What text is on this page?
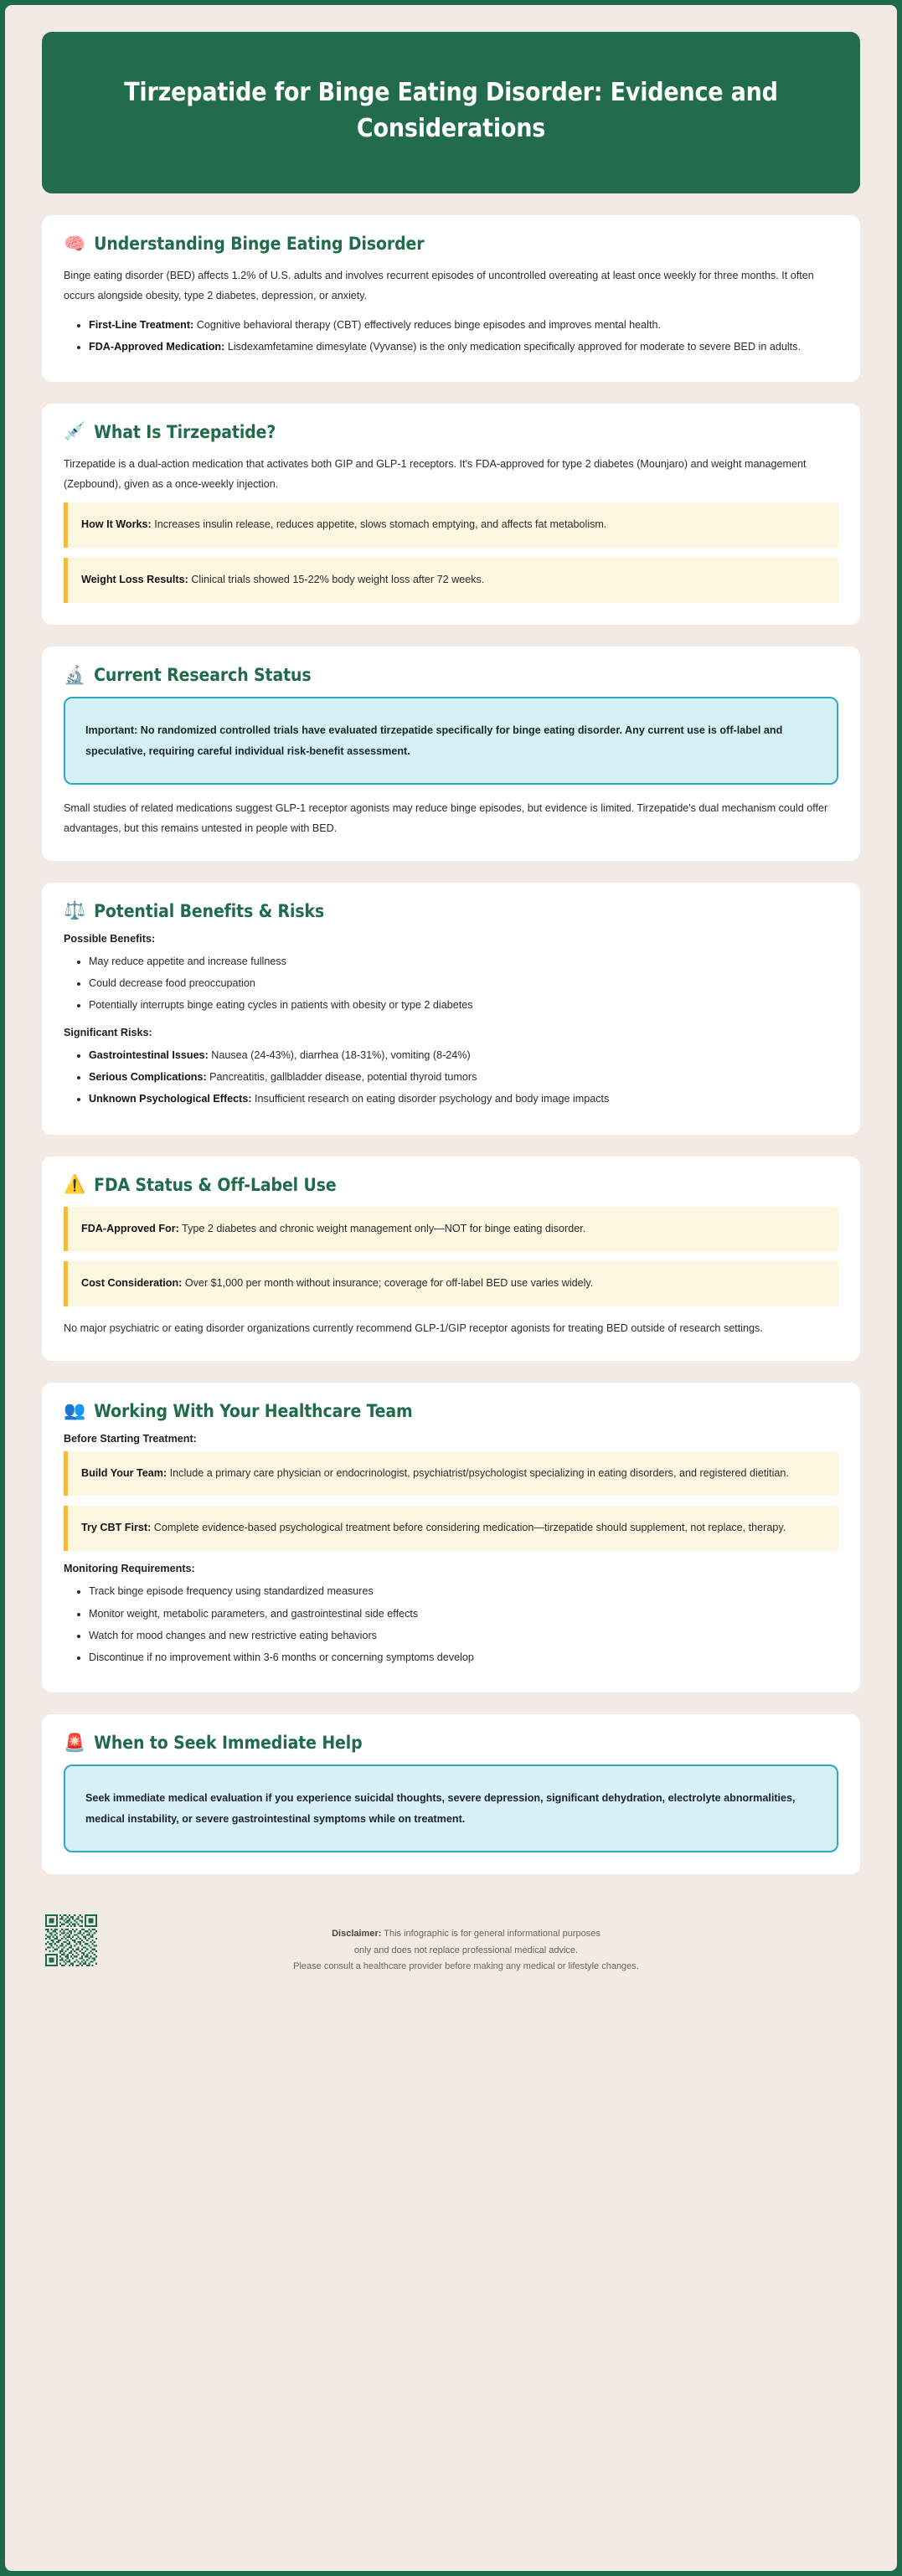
Tirzepatide for Binge Eating Disorder: Evidence and Considerations
🧠 Understanding Binge Eating Disorder

Binge eating disorder (BED) affects 1.2% of U.S. adults and involves recurrent episodes of uncontrolled overeating at least once weekly for three months. It often occurs alongside obesity, type 2 diabetes, depression, or anxiety.

• First-Line Treatment: Cognitive behavioral therapy (CBT) effectively reduces binge episodes and improves mental health.
• FDA-Approved Medication: Lisdexamfetamine dimesylate (Vyvanse) is the only medication specifically approved for moderate to severe BED in adults.
💉 What Is Tirzepatide?

Tirzepatide is a dual-action medication that activates both GIP and GLP-1 receptors. It's FDA-approved for type 2 diabetes (Mounjaro) and weight management (Zepbound), given as a once-weekly injection.

How It Works: Increases insulin release, reduces appetite, slows stomach emptying, and affects fat metabolism.
Weight Loss Results: Clinical trials showed 15-22% body weight loss after 72 weeks.
🔬 Current Research Status
Important: No randomized controlled trials have evaluated tirzepatide specifically for binge eating disorder. Any current use is off-label and speculative, requiring careful individual risk-benefit assessment.

Small studies of related medications suggest GLP-1 receptor agonists may reduce binge episodes, but evidence is limited. Tirzepatide's dual mechanism could offer advantages, but this remains untested in people with BED.

⚖️ Potential Benefits & Risks
Possible Benefits:
• May reduce appetite and increase fullness
• Could decrease food preoccupation
• Potentially interrupts binge eating cycles in patients with obesity or type 2 diabetes
Significant Risks:
• Gastrointestinal Issues: Nausea (24-43%), diarrhea (18-31%), vomiting (8-24%)
• Serious Complications: Pancreatitis, gallbladder disease, potential thyroid tumors
• Unknown Psychological Effects: Insufficient research on eating disorder psychology and body image impacts
⚠️ FDA Status & Off-Label Use
FDA-Approved For: Type 2 diabetes and chronic weight management only—NOT for binge eating disorder.
Cost Consideration: Over $1,000 per month without insurance; coverage for off-label BED use varies widely.

No major psychiatric or eating disorder organizations currently recommend GLP-1/GIP receptor agonists for treating BED outside of research settings.

👥 Working With Your Healthcare Team
Before Starting Treatment:
Build Your Team: Include a primary care physician or endocrinologist, psychiatrist/psychologist specializing in eating disorders, and registered dietitian.
Try CBT First: Complete evidence-based psychological treatment before considering medication—tirzepatide should supplement, not replace, therapy.
Monitoring Requirements:
• Track binge episode frequency using standardized measures
• Monitor weight, metabolic parameters, and gastrointestinal side effects
• Watch for mood changes and new restrictive eating behaviors
• Discontinue if no improvement within 3-6 months or concerning symptoms develop
🚨 When to Seek Immediate Help
Seek immediate medical evaluation if you experience suicidal thoughts, severe depression, significant dehydration, electrolyte abnormalities, medical instability, or severe gastrointestinal symptoms while on treatment.
Disclaimer: This infographic is for general informational purposes
only and does not replace professional medical advice.
Please consult a healthcare provider before making any medical or lifestyle changes.
